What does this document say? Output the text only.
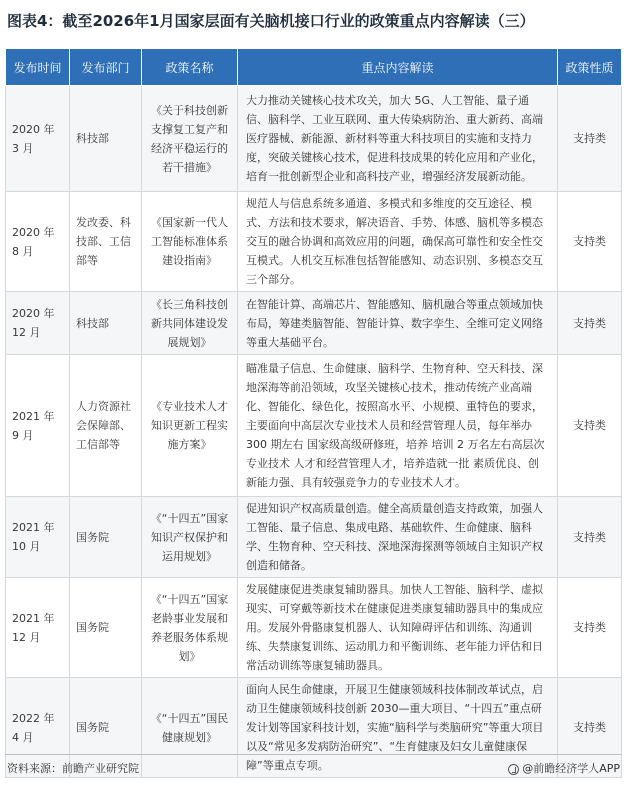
图表4：截至2026年1月国家层面有关脑机接口行业的政策重点内容解读（三）
发布时间	发布部门	政策名称	重点内容解读	政策性质
2020 年 3 月	科技部	《关于科技创新支撑复工复产和经济平稳运行的若干措施》	大力推动关键核心技术攻关，加大 5G、人工智能、量子通信、脑科学、工业互联网、重大传染病防治、重大新药、高端医疗器械、新能源、新材料等重大科技项目的实施和支持力度，突破关键核心技术，促进科技成果的转化应用和产业化，培育一批创新型企业和高科技产业，增强经济发展新动能。	支持类
2020 年 8 月	发改委、科技部、工信部等	《国家新一代人工智能标准体系建设指南》	规范人与信息系统多通道、多模式和多维度的交互途径、模式、方法和技术要求，解决语音、手势、体感、脑机等多模态交互的融合协调和高效应用的问题，确保高可靠性和安全性交互模式。人机交互标准包括智能感知、动态识别、多模态交互三个部分。	支持类
2020 年 12 月	科技部	《长三角科技创新共同体建设发展规划》	在智能计算、高端芯片、智能感知、脑机融合等重点领域加快布局，筹建类脑智能、智能计算、数字孪生、全维可定义网络等重大基础平台。	支持类
2021 年 9 月	人力资源社会保障部、工信部等	《专业技术人才知识更新工程实施方案》	瞄准量子信息、生命健康、脑科学、生物育种、空天科技、深地深海等前沿领域，攻坚关键核心技术，推动传统产业高端化、智能化、绿色化，按照高水平、小规模、重特色的要求，主要面向中高层次专业技术人员和经营管理人员，每年举办 300 期左右 国家级高级研修班，培养 培训 2 万名左右高层次 专业技术 人才和经营管理人才，培养造就一批 素质优良、创新能力强、具有较强竞争力的专业技术人才。	支持类
2021 年 10 月	国务院	《“十四五”国家知识产权保护和运用规划》	促进知识产权高质量创造。健全高质量创造支持政策，加强人工智能、量子信息、集成电路、基础软件、生命健康、脑科学、生物育种、空天科技、深地深海探测等领域自主知识产权创造和储备。	支持类
2021 年 12 月	国务院	《“十四五”国家老龄事业发展和养老服务体系规划》	发展健康促进类康复辅助器具。加快人工智能、脑科学、虚拟现实、可穿戴等新技术在健康促进类康复辅助器具中的集成应用。发展外骨骼康复机器人、认知障碍评估和训练、沟通训练、失禁康复训练、运动肌力和平衡训练、老年能力评估和日常活动训练等康复辅助器具。	支持类
2022 年 4 月	国务院	《“十四五”国民健康规划》	面向人民生命健康，开展卫生健康领域科技体制改革试点，启动卫生健康领域科技创新 2030—重大项目、“十四五”重点研发计划等国家科技计划，实施“脑科学与类脑研究”等重大项目以及“常见多发病防治研究”、“生育健康及妇女儿童健康保障”等重点专项。	支持类
资料来源：前瞻产业研究院	@前瞻经济学人APP
